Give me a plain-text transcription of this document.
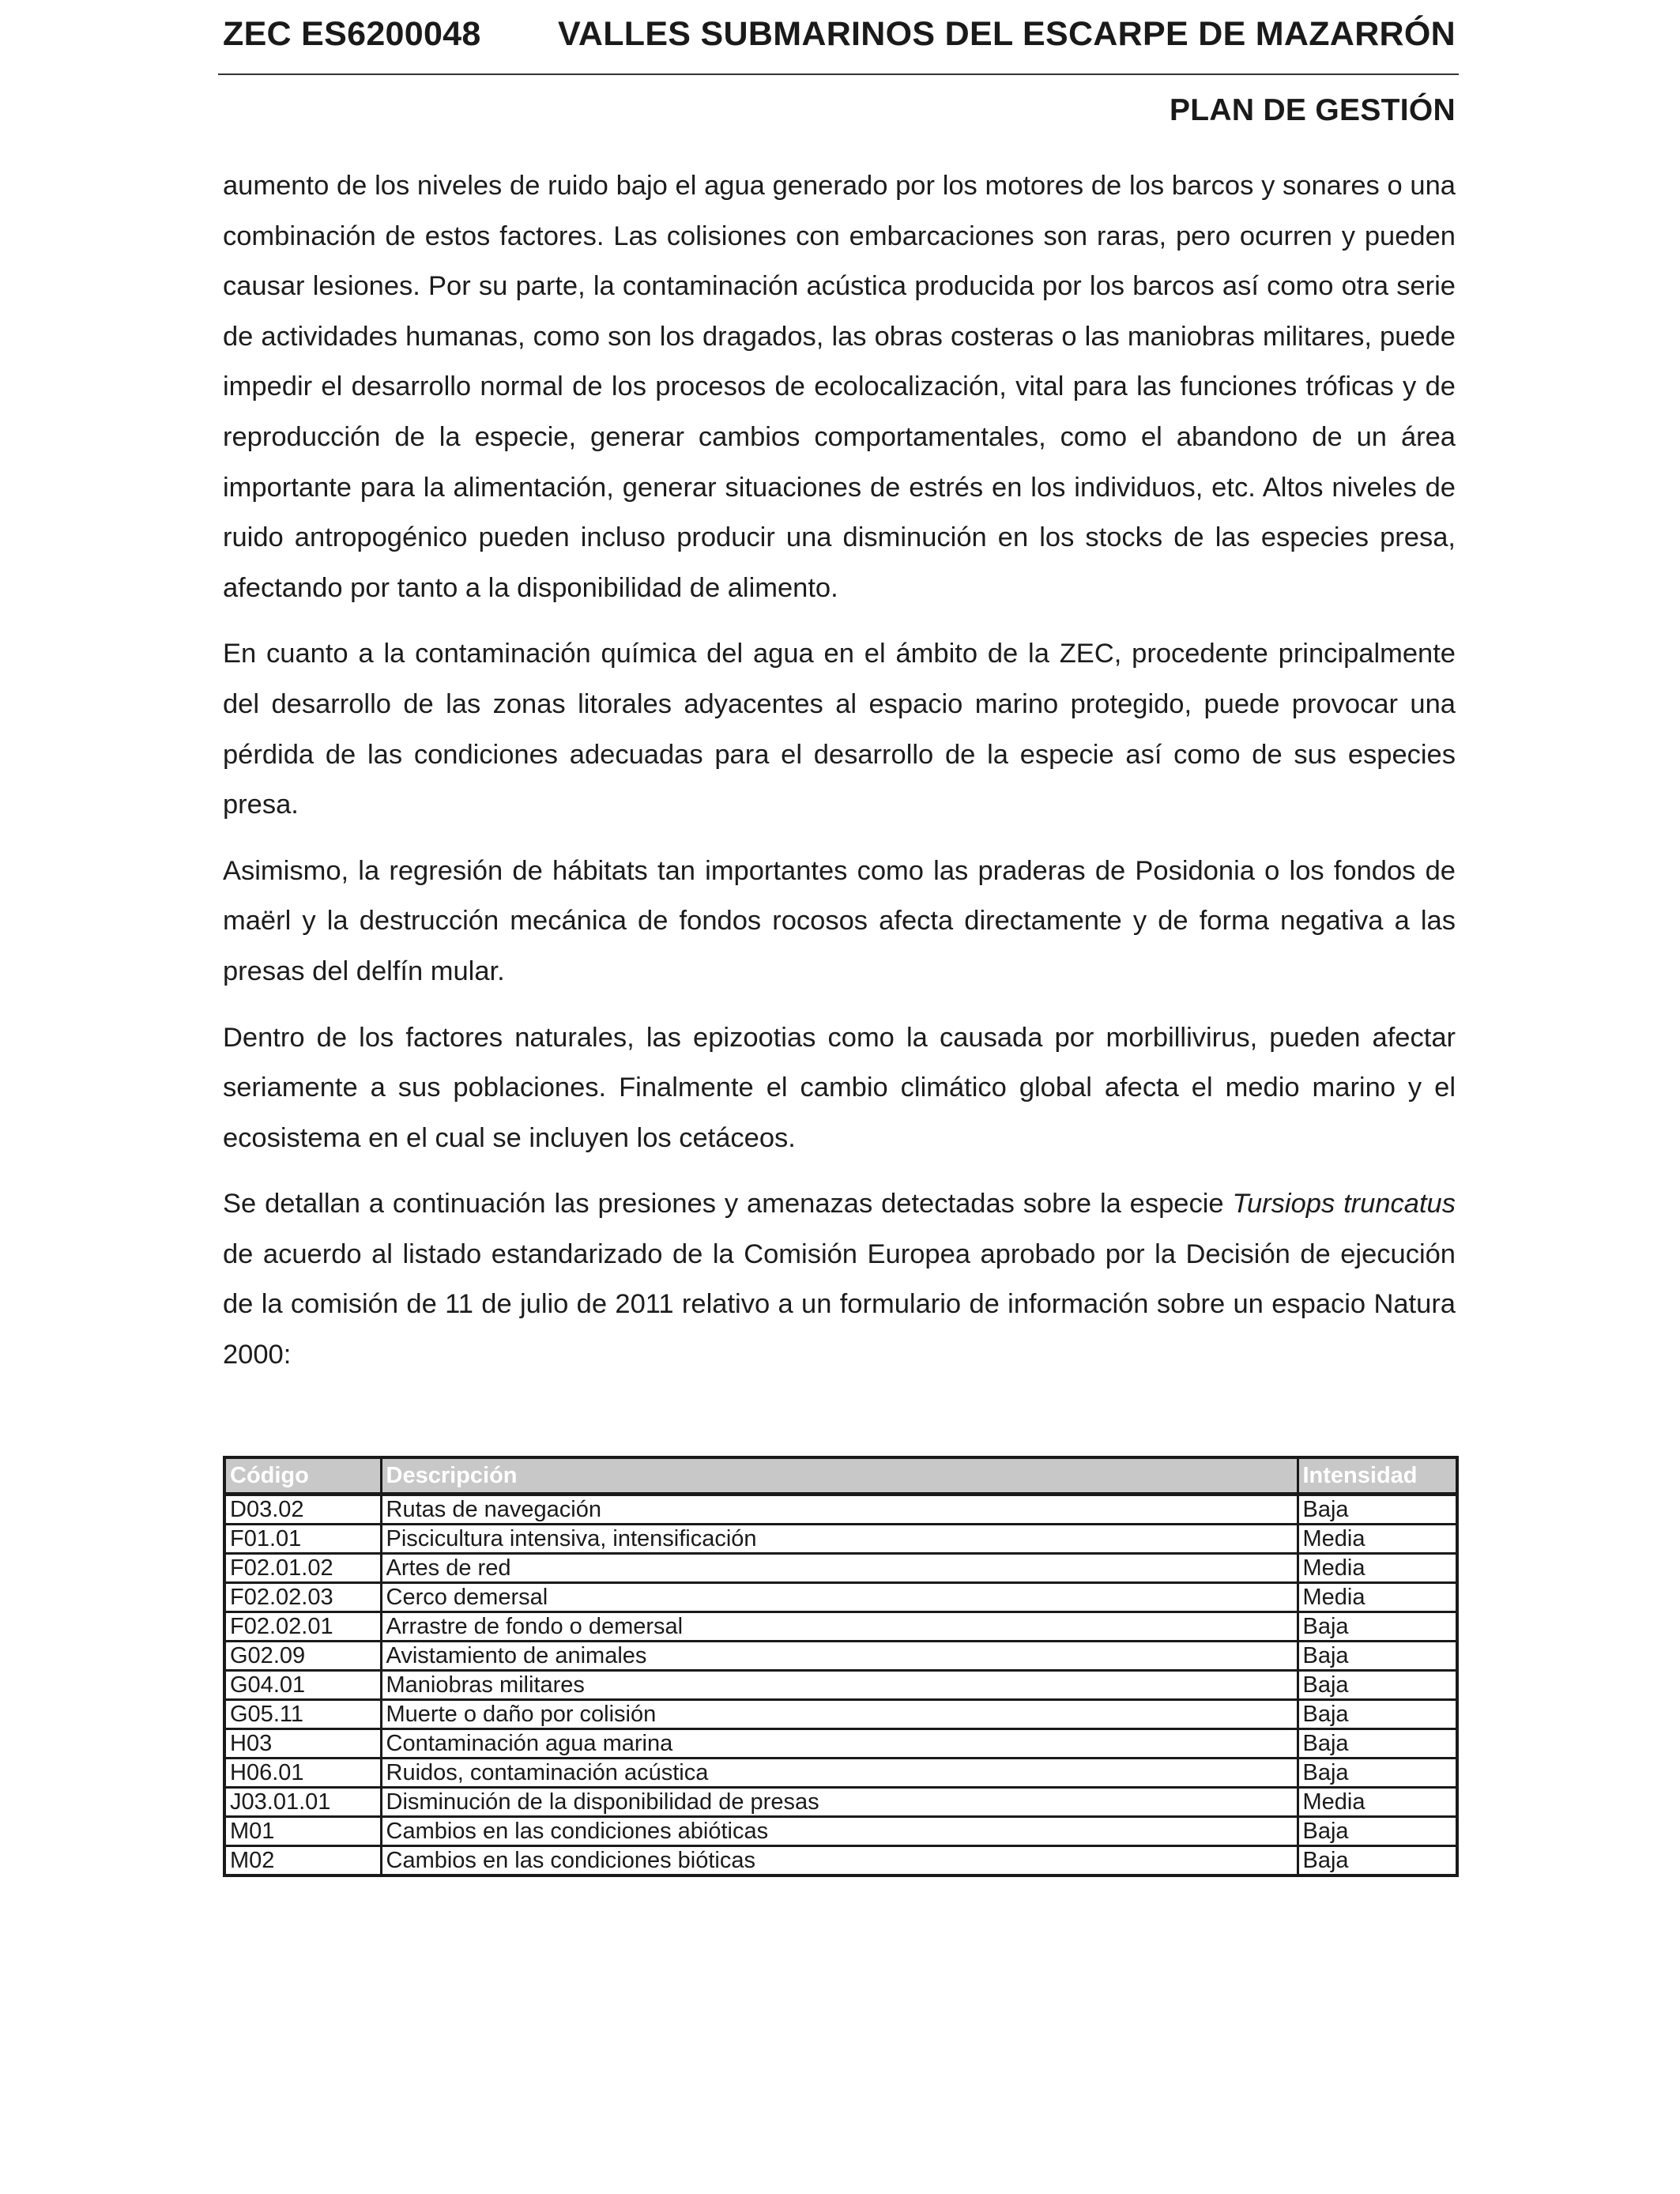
ZEC ES6200048 VALLES SUBMARINOS DEL ESCARPE DE MAZARRÓN
PLAN DE GESTIÓN

aumento de los niveles de ruido bajo el agua generado por los motores de los barcos y sonares o una combinación de estos factores. Las colisiones con embarcaciones son raras, pero ocurren y pueden causar lesiones. Por su parte, la contaminación acústica producida por los barcos así como otra serie de actividades humanas, como son los dragados, las obras costeras o las maniobras militares, puede impedir el desarrollo normal de los procesos de ecolocalización, vital para las funciones tróficas y de reproducción de la especie, generar cambios comportamentales, como el abandono de un área importante para la alimentación, generar situaciones de estrés en los individuos, etc. Altos niveles de ruido antropogénico pueden incluso producir una disminución en los stocks de las especies presa, afectando por tanto a la disponibilidad de alimento.

En cuanto a la contaminación química del agua en el ámbito de la ZEC, procedente principalmente del desarrollo de las zonas litorales adyacentes al espacio marino protegido, puede provocar una pérdida de las condiciones adecuadas para el desarrollo de la especie así como de sus especies presa.

Asimismo, la regresión de hábitats tan importantes como las praderas de Posidonia o los fondos de maërl y la destrucción mecánica de fondos rocosos afecta directamente y de forma negativa a las presas del delfín mular.

Dentro de los factores naturales, las epizootias como la causada por morbillivirus, pueden afectar seriamente a sus poblaciones. Finalmente el cambio climático global afecta el medio marino y el ecosistema en el cual se incluyen los cetáceos.

Se detallan a continuación las presiones y amenazas detectadas sobre la especie Tursiops truncatus de acuerdo al listado estandarizado de la Comisión Europea aprobado por la Decisión de ejecución de la comisión de 11 de julio de 2011 relativo a un formulario de información sobre un espacio Natura 2000:

Código	Descripción	Intensidad
D03.02	Rutas de navegación	Baja
F01.01	Piscicultura intensiva, intensificación	Media
F02.01.02	Artes de red	Media
F02.02.03	Cerco demersal	Media
F02.02.01	Arrastre de fondo o demersal	Baja
G02.09	Avistamiento de animales	Baja
G04.01	Maniobras militares	Baja
G05.11	Muerte o daño por colisión	Baja
H03	Contaminación agua marina	Baja
H06.01	Ruidos, contaminación acústica	Baja
J03.01.01	Disminución de la disponibilidad de presas	Media
M01	Cambios en las condiciones abióticas	Baja
M02	Cambios en las condiciones bióticas	Baja
